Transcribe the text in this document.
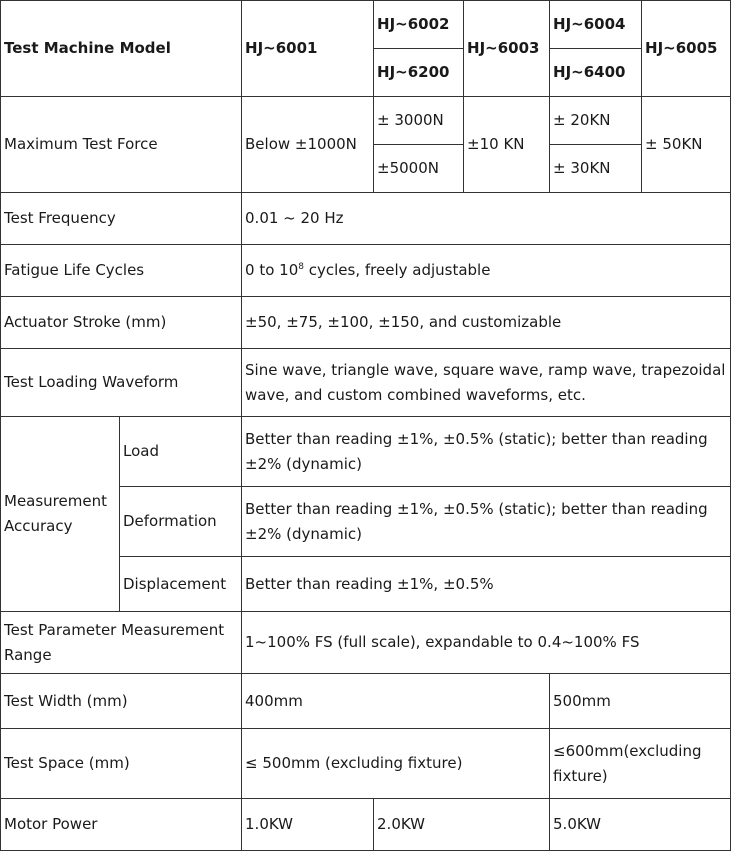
Test Machine Model		HJ~6001	HJ~6002	HJ~6003	HJ~6004	HJ~6005
			HJ~6200		HJ~6400	
Maximum Test Force		Below ±1000N	± 3000N	±10 KN	± 20KN	± 50KN
			±5000N		± 30KN	
Test Frequency		0.01 ~ 20 Hz				
Fatigue Life Cycles		0 to $10^8$ cycles, freely adjustable				
Actuator Stroke (mm)		±50, ±75, ±100, ±150, and customizable				
Test Loading Waveform		Sine wave, triangle wave, square wave, ramp wave, trapezoidal wave, and custom combined waveforms, etc.				
Measurement Accuracy	Load	Better than reading ±1%, ±0.5% (static); better than reading ±2% (dynamic)				
	Deformation	Better than reading ±1%, ±0.5% (static); better than reading ±2% (dynamic)				
	Displacement	Better than reading ±1%, ±0.5%				
Test Parameter Measurement Range		1~100% FS (full scale), expandable to 0.4~100% FS				
Test Width (mm)		400mm			500mm	
Test Space (mm)		≤ 500mm (excluding fixture)			≤600mm(excluding fixture)	
Motor Power		1.0KW	2.0KW		5.0KW	
